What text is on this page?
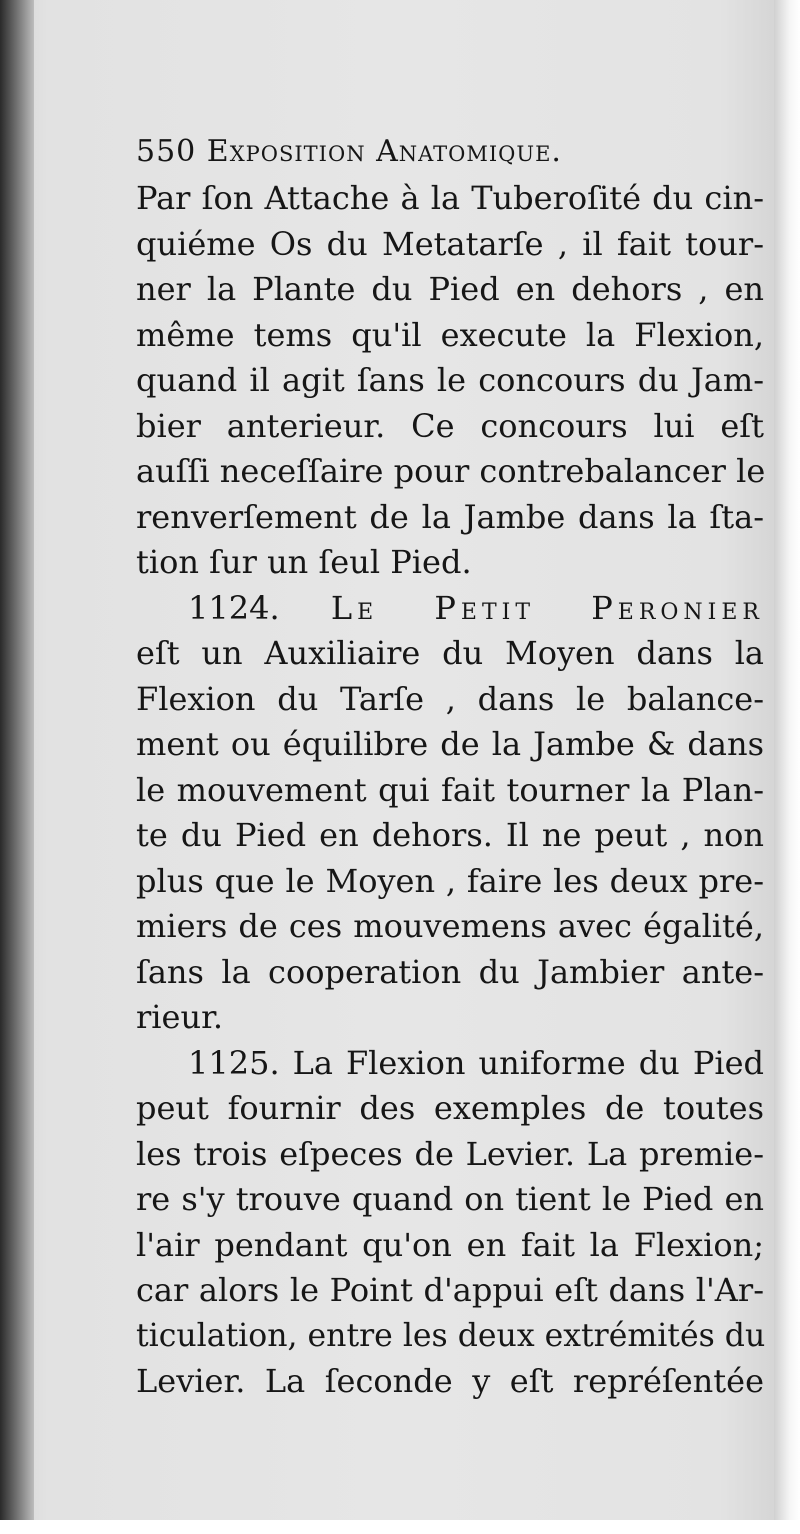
550 Exposition Anatomique.
Par ſon Attache à la Tuberoſité du cin-
quiéme Os du Metatarſe , il fait tour-
ner la Plante du Pied en dehors , en
même tems qu'il execute la Flexion,
quand il agit ſans le concours du Jam-
bier anterieur. Ce concours lui eſt
auſſi neceſſaire pour contrebalancer le
renverſement de la Jambe dans la ſta-
tion ſur un ſeul Pied.
1124. Le Petit Peronier
eſt un Auxiliaire du Moyen dans la
Flexion du Tarſe , dans le balance-
ment ou équilibre de la Jambe & dans
le mouvement qui fait tourner la Plan-
te du Pied en dehors. Il ne peut , non
plus que le Moyen , faire les deux pre-
miers de ces mouvemens avec égalité,
ſans la cooperation du Jambier ante-
rieur.
1125. La Flexion uniforme du Pied
peut fournir des exemples de toutes
les trois eſpeces de Levier. La premie-
re s'y trouve quand on tient le Pied en
l'air pendant qu'on en fait la Flexion;
car alors le Point d'appui eſt dans l'Ar-
ticulation, entre les deux extrémités du
Levier. La ſeconde y eſt repréſentée
